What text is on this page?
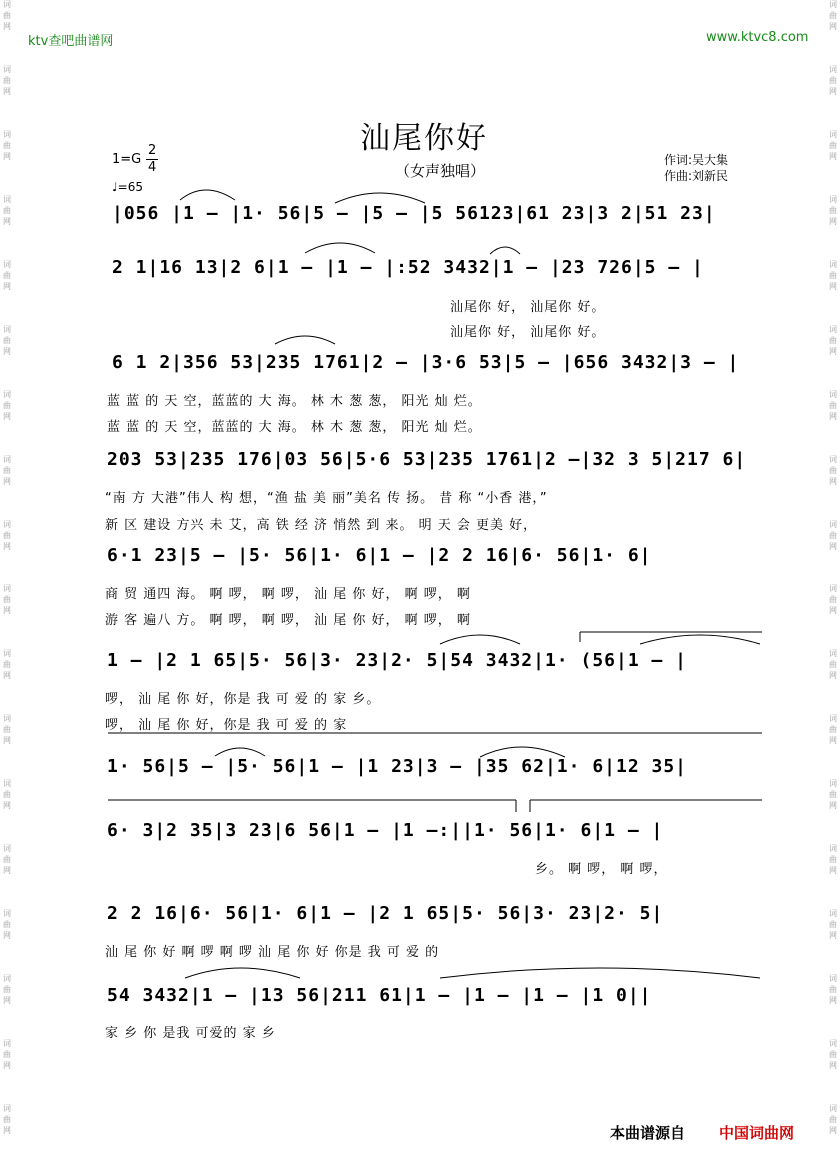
词
曲
网
词
曲
网
词
曲
网
词
曲
网
词
曲
网
词
曲
网
词
曲
网
词
曲
网
词
曲
网
词
曲
网
词
曲
网
词
曲
网
词
曲
网
词
曲
网
词
曲
网
词
曲
网
词
曲
网
词
曲
网
词
曲
网
词
曲
网
词
曲
网
词
曲
网
词
曲
网
词
曲
网
词
曲
网
词
曲
网
词
曲
网
词
曲
网
词
曲
网
词
曲
网
词
曲
网
词
曲
网
词
曲
网
词
曲
网
词
曲
网
词
曲
网
ktv查吧曲谱网	www.ktvc8.com
汕尾你好
（女声独唱）
1=G
2
4
♩=65
作词:吴大集
作曲:刘新民
|056 |1 – |1· 56|5 – |5 – |5 56123|61 23|3 2|51 23|
2 1|16 13|2 6|1 – |1 – |:52 3432|1 – |23 726|5 – |
汕尾你 好， 汕尾你 好。
汕尾你 好， 汕尾你 好。
6 1 2|356 53|235 1761|2 – |3·6 53|5 – |656 3432|3 – |
蓝 蓝 的 天 空，蓝蓝的 大 海。 林 木 葱 葱， 阳光 灿 烂。
蓝 蓝 的 天 空，蓝蓝的 大 海。 林 木 葱 葱， 阳光 灿 烂。
203 53|235 176|03 56|5·6 53|235 1761|2 –|32 3 5|217 6|
“南 方 大港”伟人 构 想，“渔 盐 美 丽”美名 传 扬。 昔 称 “小香 港，”
新 区 建设 方兴 未 艾，高 铁 经 济 悄然 到 来。 明 天 会 更美 好，
6·1 23|5 – |5· 56|1· 6|1 – |2 2 16|6· 56|1· 6|
商 贸 通四 海。 啊 啰， 啊 啰， 汕 尾 你 好， 啊 啰， 啊
游 客 遍八 方。 啊 啰， 啊 啰， 汕 尾 你 好， 啊 啰， 啊
1 – |2 1 65|5· 56|3· 23|2· 5|54 3432|1· (56|1 – |
啰， 汕 尾 你 好，你是 我 可 爱 的 家 乡。
啰， 汕 尾 你 好，你是 我 可 爱 的 家
1· 56|5 – |5· 56|1 – |1 23|3 – |35 62|1· 6|12 35|
6· 3|2 35|3 23|6 56|1 – |1 –:||1· 56|1· 6|1 – |
乡。 啊 啰， 啊 啰，
2 2 16|6· 56|1· 6|1 – |2 1 65|5· 56|3· 23|2· 5|
汕 尾 你 好 啊 啰 啊 啰 汕 尾 你 好 你是 我 可 爱 的
54 3432|1 – |13 56|211 61|1 – |1 – |1 – |1 0||
家 乡 你 是我 可爱的 家 乡
本曲谱源自 中国词曲网
